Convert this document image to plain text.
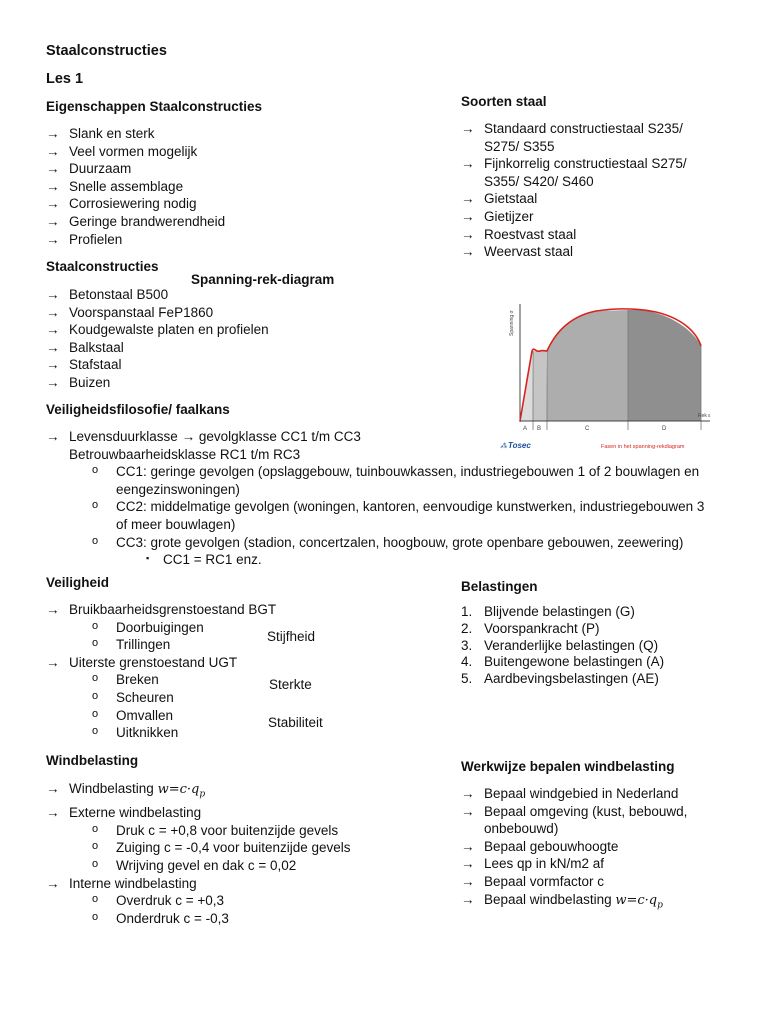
Staalconstructies
Les 1
Eigenschappen Staalconstructies
→ Slank en sterk
→ Veel vormen mogelijk
→ Duurzaam
→ Snelle assemblage
→ Corrosiewering nodig
→ Geringe brandwerendheid
→ Profielen
Soorten staal
→ Standaard constructiestaal S235/ S275/ S355
→ Fijnkorrelig constructiestaal S275/ S355/ S420/ S460
→ Gietstaal
→ Gietijzer
→ Roestvast staal
→ Weervast staal
Staalconstructies
Spanning-rek-diagram
→ Betonstaal B500
→ Voorspanstaal FeP1860
→ Koudgewalste platen en profielen
→ Balkstaal
→ Stafstaal
→ Buizen
Spanning σ
Rek ε
A B	C	D
⁂ Tosec	Fasen in het spanning-rekdiagram
Veiligheidsfilosofie/ faalkans
→ Levensduurklasse → gevolgklasse CC1 t/m CC3
Betrouwbaarheidsklasse RC1 t/m RC3
o CC1: geringe gevolgen (opslaggebouw, tuinbouwkassen, industriegebouwen 1 of 2 bouwlagen en eengezinswoningen)
o CC2: middelmatige gevolgen (woningen, kantoren, eenvoudige kunstwerken, industriegebouwen 3 of meer bouwlagen)
o CC3: grote gevolgen (stadion, concertzalen, hoogbouw, grote openbare gebouwen, zeewering)
▪ CC1 = RC1 enz.
Veiligheid
→ Bruikbaarheidsgrenstoestand BGT
o Doorbuigingen
o Trillingen
→ Uiterste grenstoestand UGT
o Breken
o Scheuren
o Omvallen
o Uitknikken
Stijfheid
Sterkte
Stabiliteit
Belastingen
1. Blijvende belastingen (G)
2. Voorspankracht (P)
3. Veranderlijke belastingen (Q)
4. Buitengewone belastingen (A)
5. Aardbevingsbelastingen (AE)
Windbelasting
→ Windbelasting $w=c\cdot q_p$
→ Externe windbelasting
o Druk c = +0,8 voor buitenzijde gevels
o Zuiging c = -0,4 voor buitenzijde gevels
o Wrijving gevel en dak c = 0,02
→ Interne windbelasting
o Overdruk c = +0,3
o Onderdruk c = -0,3
Werkwijze bepalen windbelasting
→ Bepaal windgebied in Nederland
→ Bepaal omgeving (kust, bebouwd, onbebouwd)
→ Bepaal gebouwhoogte
→ Lees qp in kN/m2 af
→ Bepaal vormfactor c
→ Bepaal windbelasting $w=c\cdot q_p$
